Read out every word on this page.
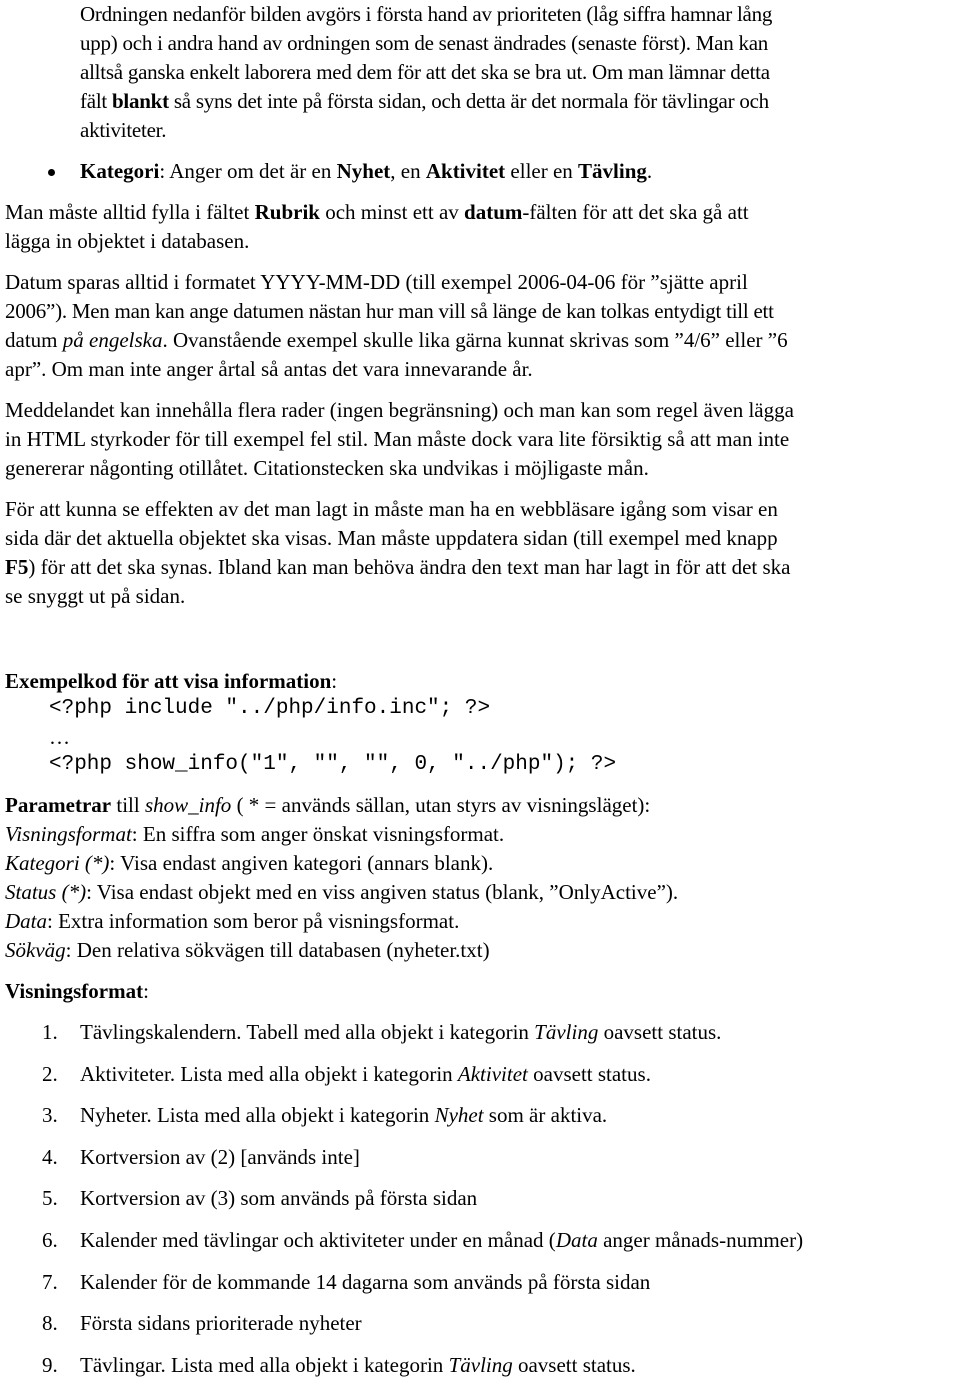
Ordningen nedanför bilden avgörs i första hand av prioriteten (låg siffra hamnar lång

upp) och i andra hand av ordningen som de senast ändrades (senaste först). Man kan

alltså ganska enkelt laborera med dem för att det ska se bra ut. Om man lämnar detta

fält blankt så syns det inte på första sidan, och detta är det normala för tävlingar och

aktiviteter.

Kategori: Anger om det är en Nyhet, en Aktivitet eller en Tävling.

Man måste alltid fylla i fältet Rubrik och minst ett av datum-fälten för att det ska gå att

lägga in objektet i databasen.

Datum sparas alltid i formatet YYYY-MM-DD (till exempel 2006-04-06 för ”sjätte april

2006”). Men man kan ange datumen nästan hur man vill så länge de kan tolkas entydigt till ett

datum på engelska. Ovanstående exempel skulle lika gärna kunnat skrivas som ”4/6” eller ”6

apr”. Om man inte anger årtal så antas det vara innevarande år.

Meddelandet kan innehålla flera rader (ingen begränsning) och man kan som regel även lägga

in HTML styrkoder för till exempel fel stil. Man måste dock vara lite försiktig så att man inte

genererar någonting otillåtet. Citationstecken ska undvikas i möjligaste mån.

För att kunna se effekten av det man lagt in måste man ha en webbläsare igång som visar en

sida där det aktuella objektet ska visas. Man måste uppdatera sidan (till exempel med knapp

F5) för att det ska synas. Ibland kan man behöva ändra den text man har lagt in för att det ska

se snyggt ut på sidan.

Exempelkod för att visa information:

<?php include "../php/info.inc"; ?>

…

<?php show_info("1", "", "", 0, "../php"); ?>

Parametrar till show_info ( * = används sällan, utan styrs av visningsläget):

Visningsformat: En siffra som anger önskat visningsformat.

Kategori (*): Visa endast angiven kategori (annars blank).

Status (*): Visa endast objekt med en viss angiven status (blank, ”OnlyActive”).

Data: Extra information som beror på visningsformat.

Sökväg: Den relativa sökvägen till databasen (nyheter.txt)

Visningsformat:

1. Tävlingskalendern. Tabell med alla objekt i kategorin Tävling oavsett status.
2. Aktiviteter. Lista med alla objekt i kategorin Aktivitet oavsett status.
3. Nyheter. Lista med alla objekt i kategorin Nyhet som är aktiva.
4. Kortversion av (2) [används inte]
5. Kortversion av (3) som används på första sidan
6. Kalender med tävlingar och aktiviteter under en månad (Data anger månads-nummer)
7. Kalender för de kommande 14 dagarna som används på första sidan
8. Första sidans prioriterade nyheter
9. Tävlingar. Lista med alla objekt i kategorin Tävling oavsett status.
